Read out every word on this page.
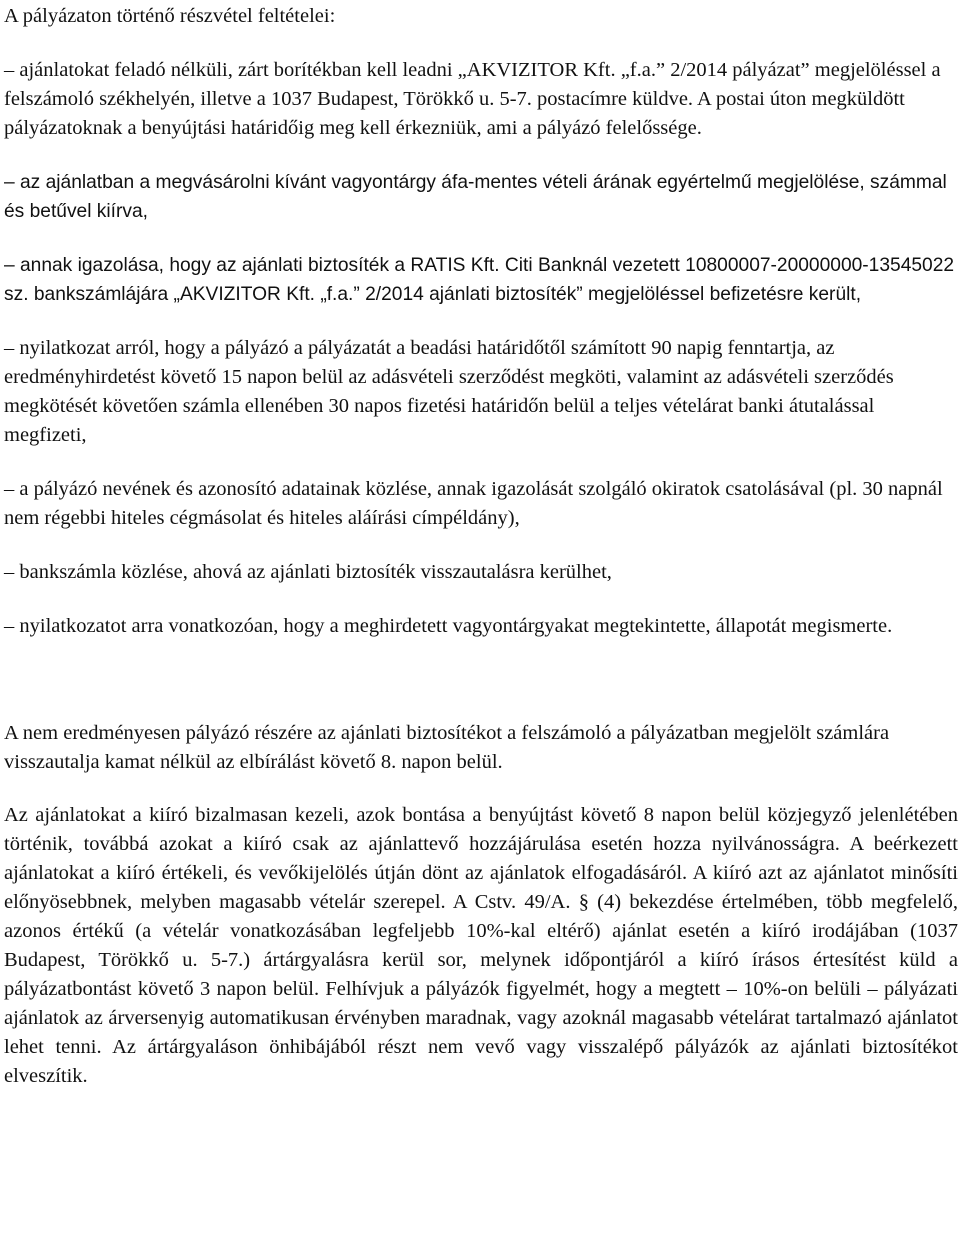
A pályázaton történő részvétel feltételei:

– ajánlatokat feladó nélküli, zárt borítékban kell leadni „AKVIZITOR Kft. „f.a.” 2/2014 pályázat” megjelöléssel a felszámoló székhelyén, illetve a 1037 Budapest, Törökkő u. 5-7. postacímre küldve. A postai úton megküldött pályázatoknak a benyújtási határidőig meg kell érkezniük, ami a pályázó felelőssége.

– az ajánlatban a megvásárolni kívánt vagyontárgy áfa-mentes vételi árának egyértelmű megjelölése, számmal és betűvel kiírva,

– annak igazolása, hogy az ajánlati biztosíték a RATIS Kft. Citi Banknál vezetett 10800007-20000000-13545022 sz. bankszámlájára „AKVIZITOR Kft. „f.a.” 2/2014 ajánlati biztosíték” megjelöléssel befizetésre került,

– nyilatkozat arról, hogy a pályázó a pályázatát a beadási határidőtől számított 90 napig fenntartja, az eredményhirdetést követő 15 napon belül az adásvételi szerződést megköti, valamint az adásvételi szerződés megkötését követően számla ellenében 30 napos fizetési határidőn belül a teljes vételárat banki átutalással megfizeti,

– a pályázó nevének és azonosító adatainak közlése, annak igazolását szolgáló okiratok csatolásával (pl. 30 napnál nem régebbi hiteles cégmásolat és hiteles aláírási címpéldány),

– bankszámla közlése, ahová az ajánlati biztosíték visszautalásra kerülhet,

– nyilatkozatot arra vonatkozóan, hogy a meghirdetett vagyontárgyakat megtekintette, állapotát megismerte.

A nem eredményesen pályázó részére az ajánlati biztosítékot a felszámoló a pályázatban megjelölt számlára visszautalja kamat nélkül az elbírálást követő 8. napon belül.

Az ajánlatokat a kiíró bizalmasan kezeli, azok bontása a benyújtást követő 8 napon belül közjegyző jelenlétében történik, továbbá azokat a kiíró csak az ajánlattevő hozzájárulása esetén hozza nyilvánosságra. A beérkezett ajánlatokat a kiíró értékeli, és vevőkijelölés útján dönt az ajánlatok elfogadásáról. A kiíró azt az ajánlatot minősíti előnyösebbnek, melyben magasabb vételár szerepel. A Cstv. 49/A. § (4) bekezdése értelmében, több megfelelő, azonos értékű (a vételár vonatkozásában legfeljebb 10%-kal eltérő) ajánlat esetén a kiíró irodájában (1037 Budapest, Törökkő u. 5-7.) ártárgyalásra kerül sor, melynek időpontjáról a kiíró írásos értesítést küld a pályázatbontást követő 3 napon belül. Felhívjuk a pályázók figyelmét, hogy a megtett – 10%-on belüli – pályázati ajánlatok az árversenyig automatikusan érvényben maradnak, vagy azoknál magasabb vételárat tartalmazó ajánlatot lehet tenni. Az ártárgyaláson önhibájából részt nem vevő vagy visszalépő pályázók az ajánlati biztosítékot elveszítik.
